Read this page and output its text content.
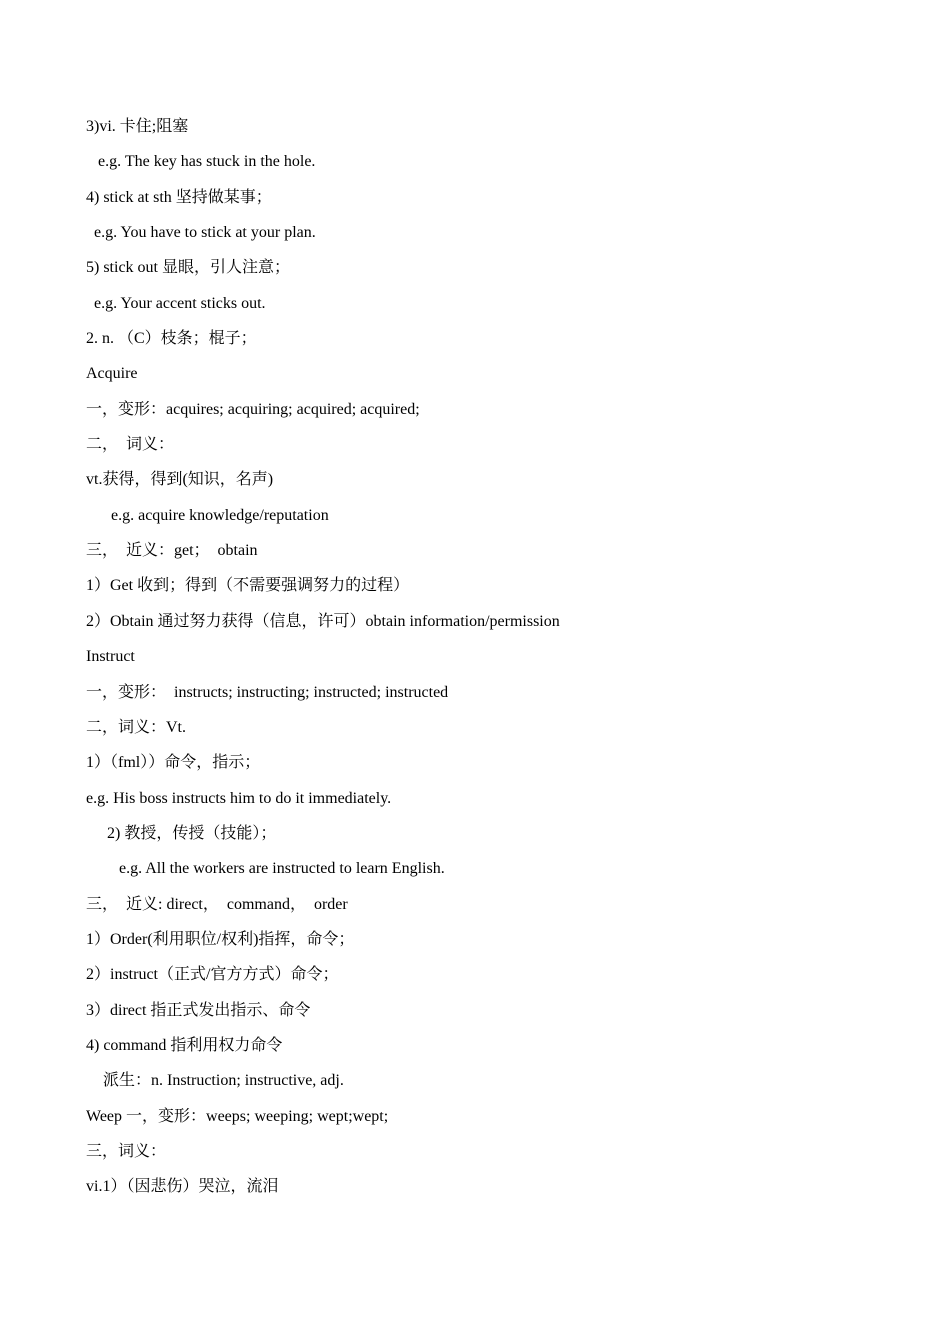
3)vi. 卡住;阻塞
e.g. The key has stuck in the hole.
4) stick at sth 坚持做某事；
e.g. You have to stick at your plan.
5) stick out 显眼，引人注意；
e.g. Your accent sticks out.
2. n. （C）枝条；棍子；
Acquire
一，变形：acquires; acquiring; acquired; acquired;
二，  词义：
vt.获得，得到(知识，名声)
e.g. acquire knowledge/reputation
三，  近义：get；  obtain
1）Get 收到；得到（不需要强调努力的过程）
2）Obtain 通过努力获得（信息，许可）obtain information/permission
Instruct
一，变形：  instructs; instructing; instructed; instructed
二，词义：Vt.
1）（fml））命令，指示；
e.g. His boss instructs him to do it immediately.
2) 教授，传授（技能）；
e.g. All the workers are instructed to learn English.
三，  近义: direct，  command，  order
1）Order(利用职位/权利)指挥，命令；
2）instruct（正式/官方方式）命令；
3）direct 指正式发出指示、命令
4) command 指利用权力命令
派生：n. Instruction; instructive, adj.
Weep 一，变形：weeps; weeping; wept;wept;
三，词义：
vi.1）（因悲伤）哭泣，流泪
